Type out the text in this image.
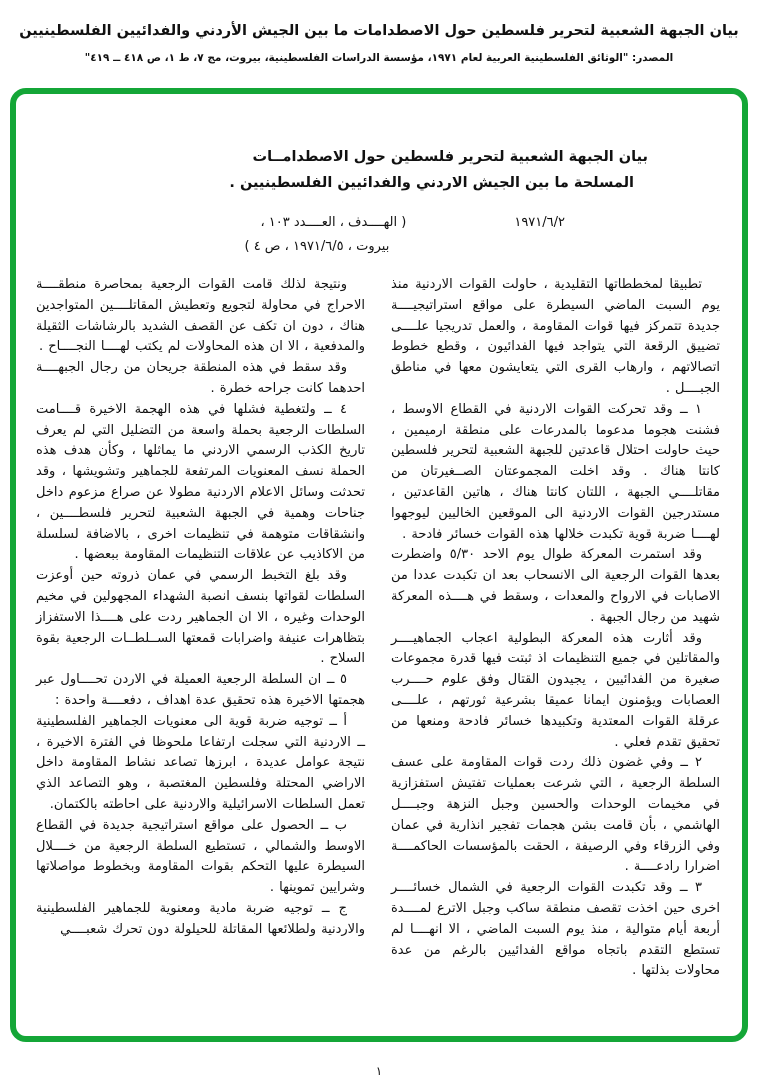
بيان الجبهة الشعبية لتحرير فلسطين حول الاصطدامات ما بين الجيش الأردني والفدائيين الفلسطينيين
المصدر: "الوثائق الفلسطينية العربية لعام ١٩٧١، مؤسسة الدراسات الفلسطينية، بيروت، مج ٧، ط ١، ص ٤١٨ ــ ٤١٩"
بيان الجبهة الشعبية لتحرير فلسطين حول الاصطدامــات
المسلحة ما بين الجيش الاردني والفدائيين الفلسطينيين .
١٩٧١/٦/٢
( الهــــدف ، العــــدد ١٠٣ ،
بيروت ، ١٩٧١/٦/٥ ، ص ٤ )

تطبيقا لمخططاتها التقليدية ، حاولت القوات الاردنية منذ يوم السبت الماضي السيطرة على مواقع استراتيجيــــة جديدة تتمركز فيها قوات المقاومة ، والعمل تدريجيا علــــى تضييق الرقعة التي يتواجد فيها الفدائيون ، وقطع خطوط اتصالاتهم ، وارهاب القرى التي يتعايشون معها في مناطق الجبــــل .

١ ــ وقد تحركت القوات الاردنية في القطاع الاوسط ، فشنت هجوما مدعوما بالمدرعات على منطقة ارميمين ، حيث حاولت احتلال قاعدتين للجبهة الشعبية لتحرير فلسطين كانتا هناك . وقد اخلت المجموعتان الصــغيرتان من مقاتلــــي الجبهة ، اللتان كانتا هناك ، هاتين القاعدتين ، مستدرجين القوات الاردنية الى الموقعين الخاليين ليوجهوا لهــــا ضربة قوية تكبدت خلالها هذه القوات خسائر فادحة .

وقد استمرت المعركة طوال يوم الاحد ٥/٣٠ واضطرت بعدها القوات الرجعية الى الانسحاب بعد ان تكبدت عددا من الاصابات في الارواح والمعدات ، وسقط في هــــذه المعركة شهيد من رجال الجبهة .

وقد أثارت هذه المعركة البطولية اعجاب الجماهيــــر والمقاتلين في جميع التنظيمات اذ ثبتت فيها قدرة مجموعات صغيرة من الفدائيين ، يجيدون القتال وفق علوم حــــرب العصابات ويؤمنون ايمانا عميقا بشرعية ثورتهم ، علــــى عرقلة القوات المعتدية وتكبيدها خسائر فادحة ومنعها من تحقيق تقدم فعلي .

٢ ــ وفي غضون ذلك ردت قوات المقاومة على عسف السلطة الرجعية ، التي شرعت بعمليات تفتيش استفزازية في مخيمات الوحدات والحسين وجبل النزهة وجبــــل الهاشمي ، بأن قامت بشن هجمات تفجير انذارية في عمان وفي الزرقاء وفي الرصيفة ، الحقت بالمؤسسات الحاكمــــة اضرارا رادعــــة .

٣ ــ وقد تكبدت القوات الرجعية في الشمال خسائــــر اخرى حين اخذت تقصف منطقة ساكب وجبل الاترع لمــــدة أربعة أيام متوالية ، منذ يوم السبت الماضي ، الا انهــــا لم تستطع التقدم باتجاه مواقع الفدائيين بالرغم من عدة محاولات بذلتها .

ونتيجة لذلك قامت القوات الرجعية بمحاصرة منطقــــة الاحراج في محاولة لتجويع وتعطيش المقاتلــــين المتواجدين هناك ، دون ان تكف عن القصف الشديد بالرشاشات الثقيلة والمدفعية ، الا ان هذه المحاولات لم يكتب لهــــا النجــــاح .

وقد سقط في هذه المنطقة جريحان من رجال الجبهــــة احدهما كانت جراحه خطرة .

٤ ــ ولتغطية فشلها في هذه الهجمة الاخيرة قــــامت السلطات الرجعية بحملة واسعة من التضليل التي لم يعرف تاريخ الكذب الرسمي الاردني ما يماثلها ، وكأن هدف هذه الحملة نسف المعنويات المرتفعة للجماهير وتشويشها ، وقد تحدثت وسائل الاعلام الاردنية مطولا عن صراع مزعوم داخل جناحات وهمية في الجبهة الشعبية لتحرير فلسطــــين ، وانشقاقات متوهمة في تنظيمات اخرى ، بالاضافة لسلسلة من الاكاذيب عن علاقات التنظيمات المقاومة ببعضها .

وقد بلغ التخبط الرسمي في عمان ذروته حين أوعزت السلطات لقواتها بنسف انصبة الشهداء المجهولين في مخيم الوحدات وغيره ، الا ان الجماهير ردت على هــــذا الاستفزاز بتظاهرات عنيفة واضرابات قمعتها الســلطــات الرجعية بقوة السلاح .

٥ ــ ان السلطة الرجعية العميلة في الاردن تحــــاول عبر هجمتها الاخيرة هذه تحقيق عدة اهداف ، دفعــــة واحدة :

أ ــ توجيه ضربة قوية الى معنويات الجماهير الفلسطينية ــ الاردنية التي سجلت ارتفاعا ملحوظا في الفترة الاخيرة ، نتيجة عوامل عديدة ، ابرزها تصاعد نشاط المقاومة داخل الاراضي المحتلة وفلسطين المغتصبة ، وهو التصاعد الذي تعمل السلطات الاسرائيلية والاردنية على احاطته بالكتمان.

ب ــ الحصول على مواقع استراتيجية جديدة في القطاع الاوسط والشمالي ، تستطيع السلطة الرجعية من خــــلال السيطرة عليها التحكم بقوات المقاومة وبخطوط مواصلاتها وشرايين تموينها .

ج ــ توجيه ضربة مادية ومعنوية للجماهير الفلسطينية والاردنية ولطلائعها المقاتلة للحيلولة دون تحرك شعبــــي

١
